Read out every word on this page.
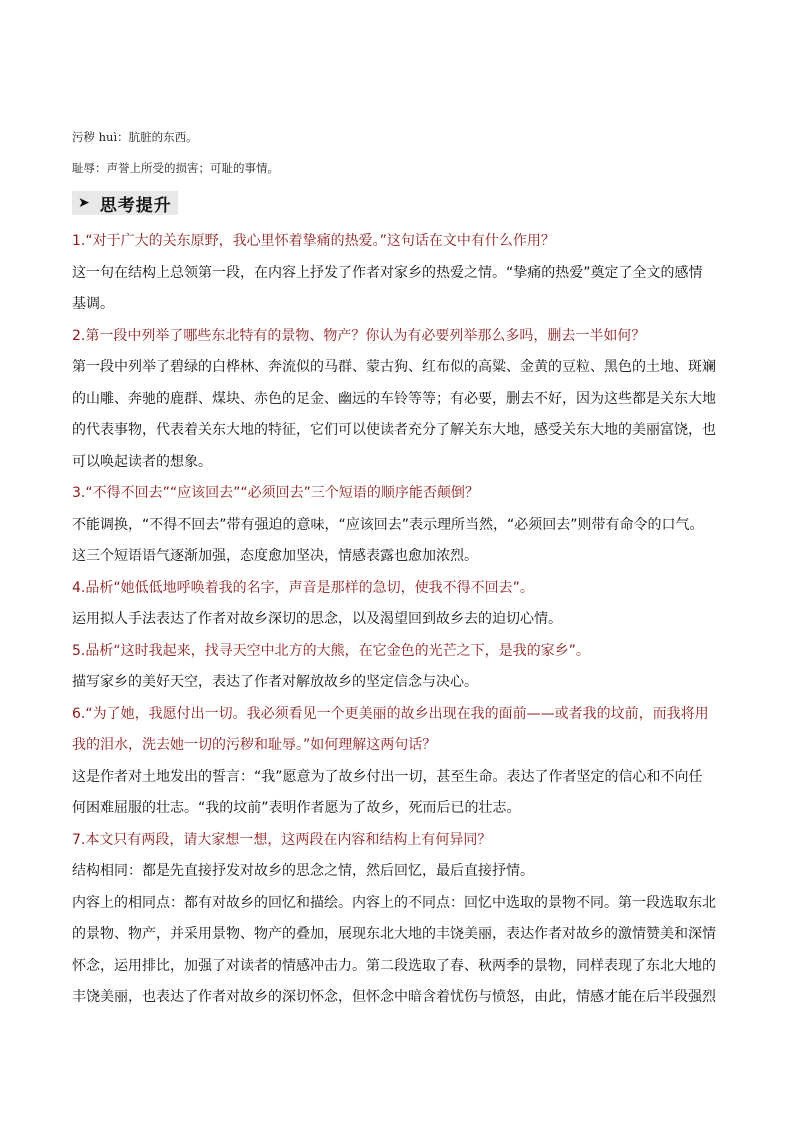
污秽 huì：肮脏的东西。
耻辱：声誉上所受的损害；可耻的事情。
➤ 思考提升
1.“对于广大的关东原野，我心里怀着挚痛的热爱。”这句话在文中有什么作用？
这一句在结构上总领第一段，在内容上抒发了作者对家乡的热爱之情。“挚痛的热爱”奠定了全文的感情
基调。
2.第一段中列举了哪些东北特有的景物、物产？你认为有必要列举那么多吗，删去一半如何？
第一段中列举了碧绿的白桦林、奔流似的马群、蒙古狗、红布似的高粱、金黄的豆粒、黑色的土地、斑斓
的山雕、奔驰的鹿群、煤块、赤色的足金、幽远的车铃等等；有必要，删去不好，因为这些都是关东大地
的代表事物，代表着关东大地的特征，它们可以使读者充分了解关东大地，感受关东大地的美丽富饶，也
可以唤起读者的想象。
3.“不得不回去”“应该回去”“必须回去”三个短语的顺序能否颠倒？
不能调换，“不得不回去”带有强迫的意味，“应该回去”表示理所当然，“必须回去”则带有命令的口气。
这三个短语语气逐渐加强，态度愈加坚决，情感表露也愈加浓烈。
4.品析“她低低地呼唤着我的名字，声音是那样的急切，使我不得不回去”。
运用拟人手法表达了作者对故乡深切的思念，以及渴望回到故乡去的迫切心情。
5.品析“这时我起来，找寻天空中北方的大熊，在它金色的光芒之下，是我的家乡”。
描写家乡的美好天空，表达了作者对解放故乡的坚定信念与决心。
6.“为了她，我愿付出一切。我必须看见一个更美丽的故乡出现在我的面前——或者我的坟前，而我将用
我的泪水，洗去她一切的污秽和耻辱。”如何理解这两句话？
这是作者对土地发出的誓言：“我”愿意为了故乡付出一切，甚至生命。表达了作者坚定的信心和不向任
何困难屈服的壮志。“我的坟前”表明作者愿为了故乡，死而后已的壮志。
7.本文只有两段，请大家想一想，这两段在内容和结构上有何异同？
结构相同：都是先直接抒发对故乡的思念之情，然后回忆，最后直接抒情。
内容上的相同点：都有对故乡的回忆和描绘。内容上的不同点：回忆中选取的景物不同。第一段选取东北
的景物、物产，并采用景物、物产的叠加，展现东北大地的丰饶美丽，表达作者对故乡的激情赞美和深情
怀念，运用排比，加强了对读者的情感冲击力。第二段选取了春、秋两季的景物，同样表现了东北大地的
丰饶美丽，也表达了作者对故乡的深切怀念，但怀念中暗含着忧伤与愤怒，由此，情感才能在后半段强烈
